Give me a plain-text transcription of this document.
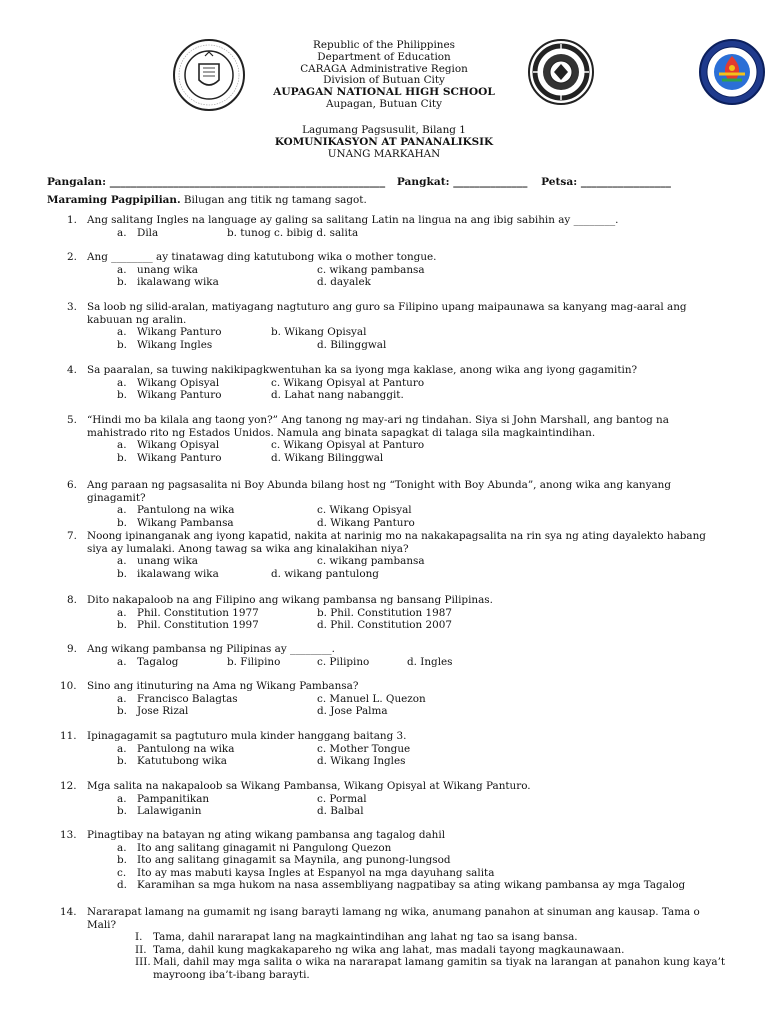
Republic of the Philippines
Department of Education
CARAGA Administrative Region
Division of Butuan City
AUPAGAN NATIONAL HIGH SCHOOL
Aupagan, Butuan City
Lagumang Pagsusulit, Bilang 1
KOMUNIKASYON AT PANANALIKSIK
UNANG MARKAHAN
Pangalan: ____________________________________________________ Pangkat: ______________ Petsa: _________________
Maraming Pagpipilian. Bilugan ang titik ng tamang sagot.
1. Ang salitang Ingles na language ay galing sa salitang Latin na lingua na ang ibig sabihin ay ________.
a. Dila	b. tunog c. bibig d. salita
2. Ang ________ ay tinatawag ding katutubong wika o mother tongue.
a. unang wika	c. wikang pambansa
b. ikalawang wika	d. dayalek
3. Sa loob ng silid-aralan, matiyagang nagtuturo ang guro sa Filipino upang maipaunawa sa kanyang mag-aaral ang kabuuan ng aralin.
a. Wikang Panturo	b. Wikang Opisyal
b. Wikang Ingles	d. Bilinggwal
4. Sa paaralan, sa tuwing nakikipagkwentuhan ka sa iyong mga kaklase, anong wika ang iyong gagamitin?
a. Wikang Opisyal	c. Wikang Opisyal at Panturo
b. Wikang Panturo	d. Lahat nang nabanggit.
5. “Hindi mo ba kilala ang taong yon?” Ang tanong ng may-ari ng tindahan. Siya si John Marshall, ang bantog na mahistrado rito ng Estados Unidos. Namula ang binata sapagkat di talaga sila magkaintindihan.
a. Wikang Opisyal	c. Wikang Opisyal at Panturo
b. Wikang Panturo	d. Wikang Bilinggwal
6. Ang paraan ng pagsasalita ni Boy Abunda bilang host ng “Tonight with Boy Abunda”, anong wika ang kanyang ginagamit?
a. Pantulong na wika	c. Wikang Opisyal
b. Wikang Pambansa	d. Wikang Panturo
7. Noong ipinanganak ang iyong kapatid, nakita at narinig mo na nakakapagsalita na rin sya ng ating dayalekto habang siya ay lumalaki. Anong tawag sa wika ang kinalakihan niya?
a. unang wika	c. wikang pambansa
b. ikalawang wika	d. wikang pantulong
8. Dito nakapaloob na ang Filipino ang wikang pambansa ng bansang Pilipinas.
a. Phil. Constitution 1977	b. Phil. Constitution 1987
b. Phil. Constitution 1997	d. Phil. Constitution 2007
9. Ang wikang pambansa ng Pilipinas ay ________.
a. Tagalog	b. Filipino	c. Pilipino	d. Ingles
10. Sino ang itinuturing na Ama ng Wikang Pambansa?
a. Francisco Balagtas	c. Manuel L. Quezon
b. Jose Rizal	d. Jose Palma
11. Ipinagagamit sa pagtuturo mula kinder hanggang baitang 3.
a. Pantulong na wika	c. Mother Tongue
b. Katutubong wika	d. Wikang Ingles
12. Mga salita na nakapaloob sa Wikang Pambansa, Wikang Opisyal at Wikang Panturo.
a. Pampanitikan	c. Pormal
b. Lalawiganin	d. Balbal
13. Pinagtibay na batayan ng ating wikang pambansa ang tagalog dahil
a. Ito ang salitang ginagamit ni Pangulong Quezon
b. Ito ang salitang ginagamit sa Maynila, ang punong-lungsod
c. Ito ay mas mabuti kaysa Ingles at Espanyol na mga dayuhang salita
d. Karamihan sa mga hukom na nasa assembliyang nagpatibay sa ating wikang pambansa ay mga Tagalog
14. Nararapat lamang na gumamit ng isang barayti lamang ng wika, anumang panahon at sinuman ang kausap. Tama o Mali?
I. Tama, dahil nararapat lang na magkaintindihan ang lahat ng tao sa isang bansa.
II. Tama, dahil kung magkakapareho ng wika ang lahat, mas madali tayong magkaunawaan.
III. Mali, dahil may mga salita o wika na nararapat lamang gamitin sa tiyak na larangan at panahon kung kaya’t mayroong iba’t-ibang barayti.
